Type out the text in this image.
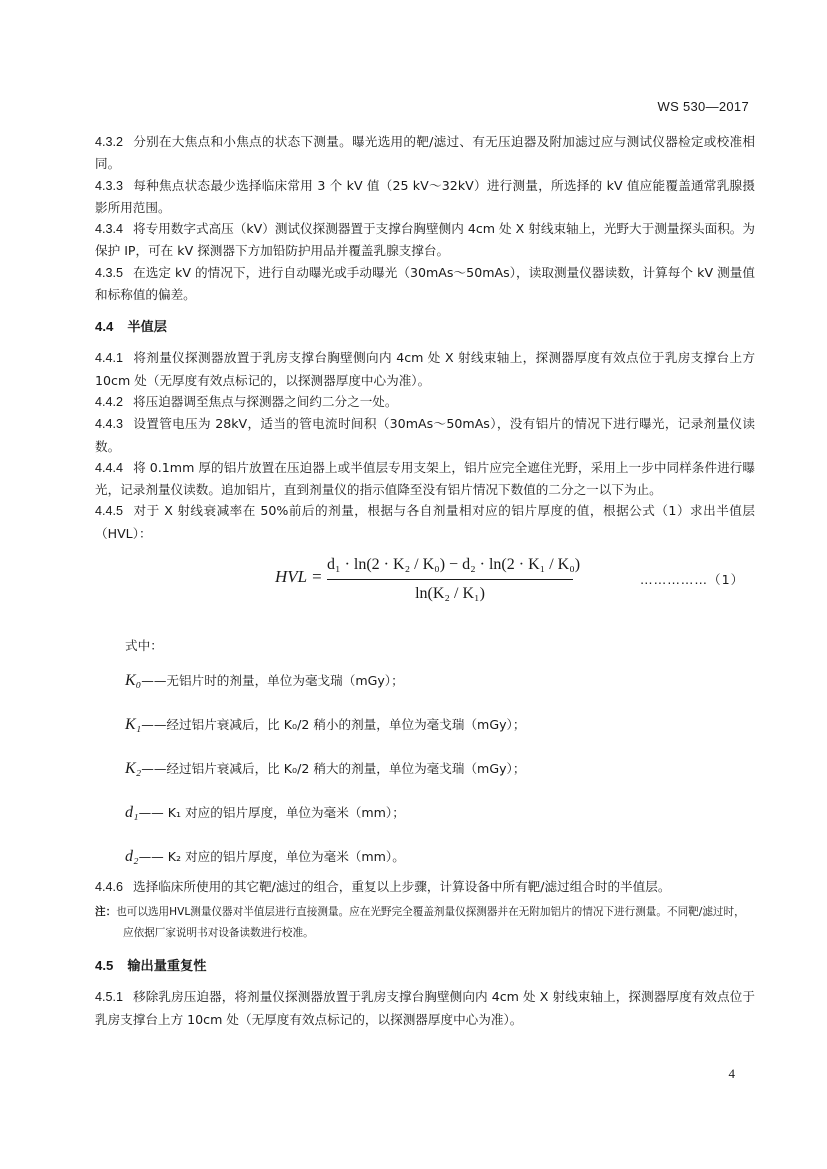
WS 530—2017

4.3.2 分别在大焦点和小焦点的状态下测量。曝光选用的靶/滤过、有无压迫器及附加滤过应与测试仪器检定或校准相同。

4.3.3 每种焦点状态最少选择临床常用 3 个 kV 值（25 kV～32kV）进行测量，所选择的 kV 值应能覆盖通常乳腺摄影所用范围。

4.3.4 将专用数字式高压（kV）测试仪探测器置于支撑台胸壁侧内 4cm 处 X 射线束轴上，光野大于测量探头面积。为保护 IP，可在 kV 探测器下方加铅防护用品并覆盖乳腺支撑台。

4.3.5 在选定 kV 的情况下，进行自动曝光或手动曝光（30mAs～50mAs），读取测量仪器读数，计算每个 kV 测量值和标称值的偏差。

4.4 半值层

4.4.1 将剂量仪探测器放置于乳房支撑台胸壁侧向内 4cm 处 X 射线束轴上，探测器厚度有效点位于乳房支撑台上方 10cm 处（无厚度有效点标记的，以探测器厚度中心为准）。

4.4.2 将压迫器调至焦点与探测器之间约二分之一处。

4.4.3 设置管电压为 28kV，适当的管电流时间积（30mAs～50mAs），没有铝片的情况下进行曝光，记录剂量仪读数。

4.4.4 将 0.1mm 厚的铝片放置在压迫器上或半值层专用支架上，铝片应完全遮住光野，采用上一步中同样条件进行曝光，记录剂量仪读数。追加铝片，直到剂量仪的指示值降至没有铝片情况下数值的二分之一以下为止。

4.4.5 对于 X 射线衰减率在 50%前后的剂量，根据与各自剂量相对应的铝片厚度的值，根据公式（1）求出半值层（HVL）：

HVL =
d₁ · ln(2 · K₂ / K₀) − d₂ · ln(2 · K₁ / K₀)
ln(K₂ / K₁)
……………（1）
式中：
K₀——无铝片时的剂量，单位为毫戈瑞（mGy）；
K₁——经过铝片衰减后，比 K₀/2 稍小的剂量，单位为毫戈瑞（mGy）；
K₂——经过铝片衰减后，比 K₀/2 稍大的剂量，单位为毫戈瑞（mGy）；
d₁—— K₁ 对应的铝片厚度，单位为毫米（mm）；
d₂—— K₂ 对应的铝片厚度，单位为毫米（mm）。

4.4.6 选择临床所使用的其它靶/滤过的组合，重复以上步骤，计算设备中所有靶/滤过组合时的半值层。

注：也可以选用HVL测量仪器对半值层进行直接测量。应在光野完全覆盖剂量仪探测器并在无附加铝片的情况下进行测量。不同靶/滤过时，应依据厂家说明书对设备读数进行校准。

4.5 输出量重复性

4.5.1 移除乳房压迫器，将剂量仪探测器放置于乳房支撑台胸壁侧向内 4cm 处 X 射线束轴上，探测器厚度有效点位于乳房支撑台上方 10cm 处（无厚度有效点标记的，以探测器厚度中心为准）。

4
